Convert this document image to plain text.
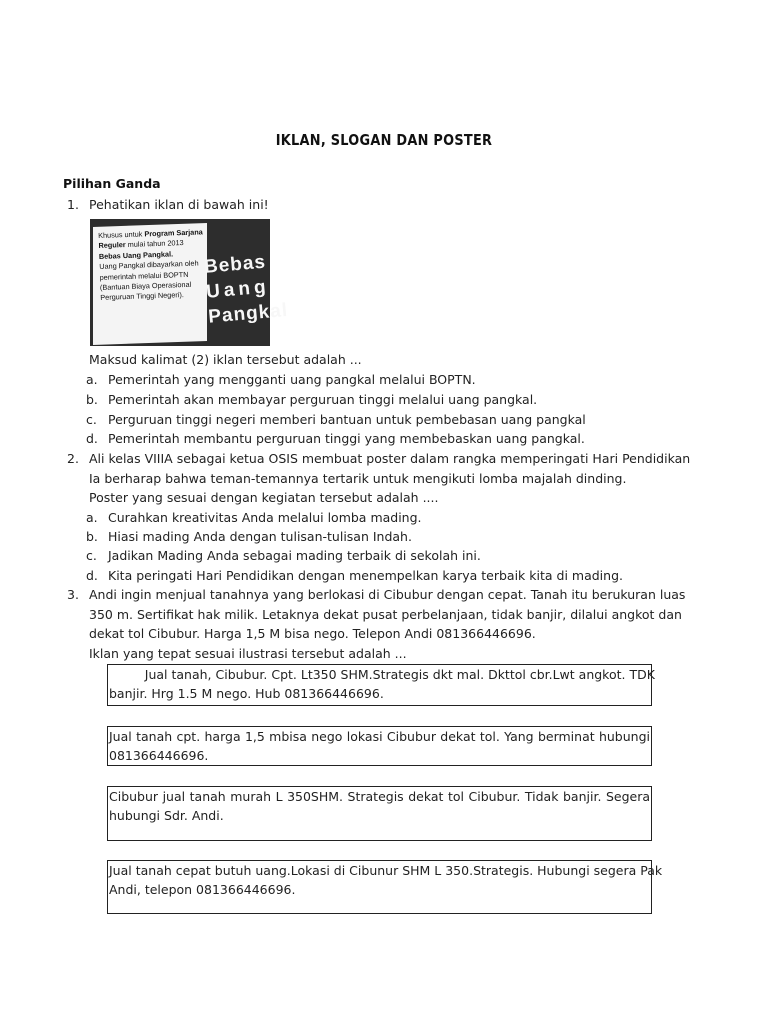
IKLAN, SLOGAN DAN POSTER
Pilihan Ganda
1. Pehatikan iklan di bawah ini!
Khusus untuk Program Sarjana
Reguler mulai tahun 2013
Bebas Uang Pangkal.
Uang Pangkal dibayarkan oleh
pemerintah melalui BOPTN
(Bantuan Biaya Operasional
Perguruan Tinggi Negeri).
Bebas
Uang
Pangkal
Maksud kalimat (2) iklan tersebut adalah ...
a. Pemerintah yang mengganti uang pangkal melalui BOPTN.
b. Pemerintah akan membayar perguruan tinggi melalui uang pangkal.
c. Perguruan tinggi negeri memberi bantuan untuk pembebasan uang pangkal
d. Pemerintah membantu perguruan tinggi yang membebaskan uang pangkal.
2. Ali kelas VIIIA sebagai ketua OSIS membuat poster dalam rangka memperingati Hari Pendidikan
Ia berharap bahwa teman-temannya tertarik untuk mengikuti lomba majalah dinding.
Poster yang sesuai dengan kegiatan tersebut adalah ....
a. Curahkan kreativitas Anda melalui lomba mading.
b. Hiasi mading Anda dengan tulisan-tulisan Indah.
c. Jadikan Mading Anda sebagai mading terbaik di sekolah ini.
d. Kita peringati Hari Pendidikan dengan menempelkan karya terbaik kita di mading.
3. Andi ingin menjual tanahnya yang berlokasi di Cibubur dengan cepat. Tanah itu berukuran luas
350 m. Sertifikat hak milik. Letaknya dekat pusat perbelanjaan, tidak banjir, dilalui angkot dan
dekat tol Cibubur. Harga 1,5 M bisa nego. Telepon Andi 081366446696.
Iklan yang tepat sesuai ilustrasi tersebut adalah ...
Jual tanah, Cibubur. Cpt. Lt350 SHM.Strategis dkt mal. Dkttol cbr.Lwt angkot. TDK
banjir. Hrg 1.5 M nego. Hub 081366446696.
Jual tanah cpt. harga 1,5 mbisa nego lokasi Cibubur dekat tol. Yang berminat hubungi
081366446696.
Cibubur jual tanah murah L 350SHM. Strategis dekat tol Cibubur. Tidak banjir. Segera
hubungi Sdr. Andi.
Jual tanah cepat butuh uang.Lokasi di Cibunur SHM L 350.Strategis. Hubungi segera Pak
Andi, telepon 081366446696.
